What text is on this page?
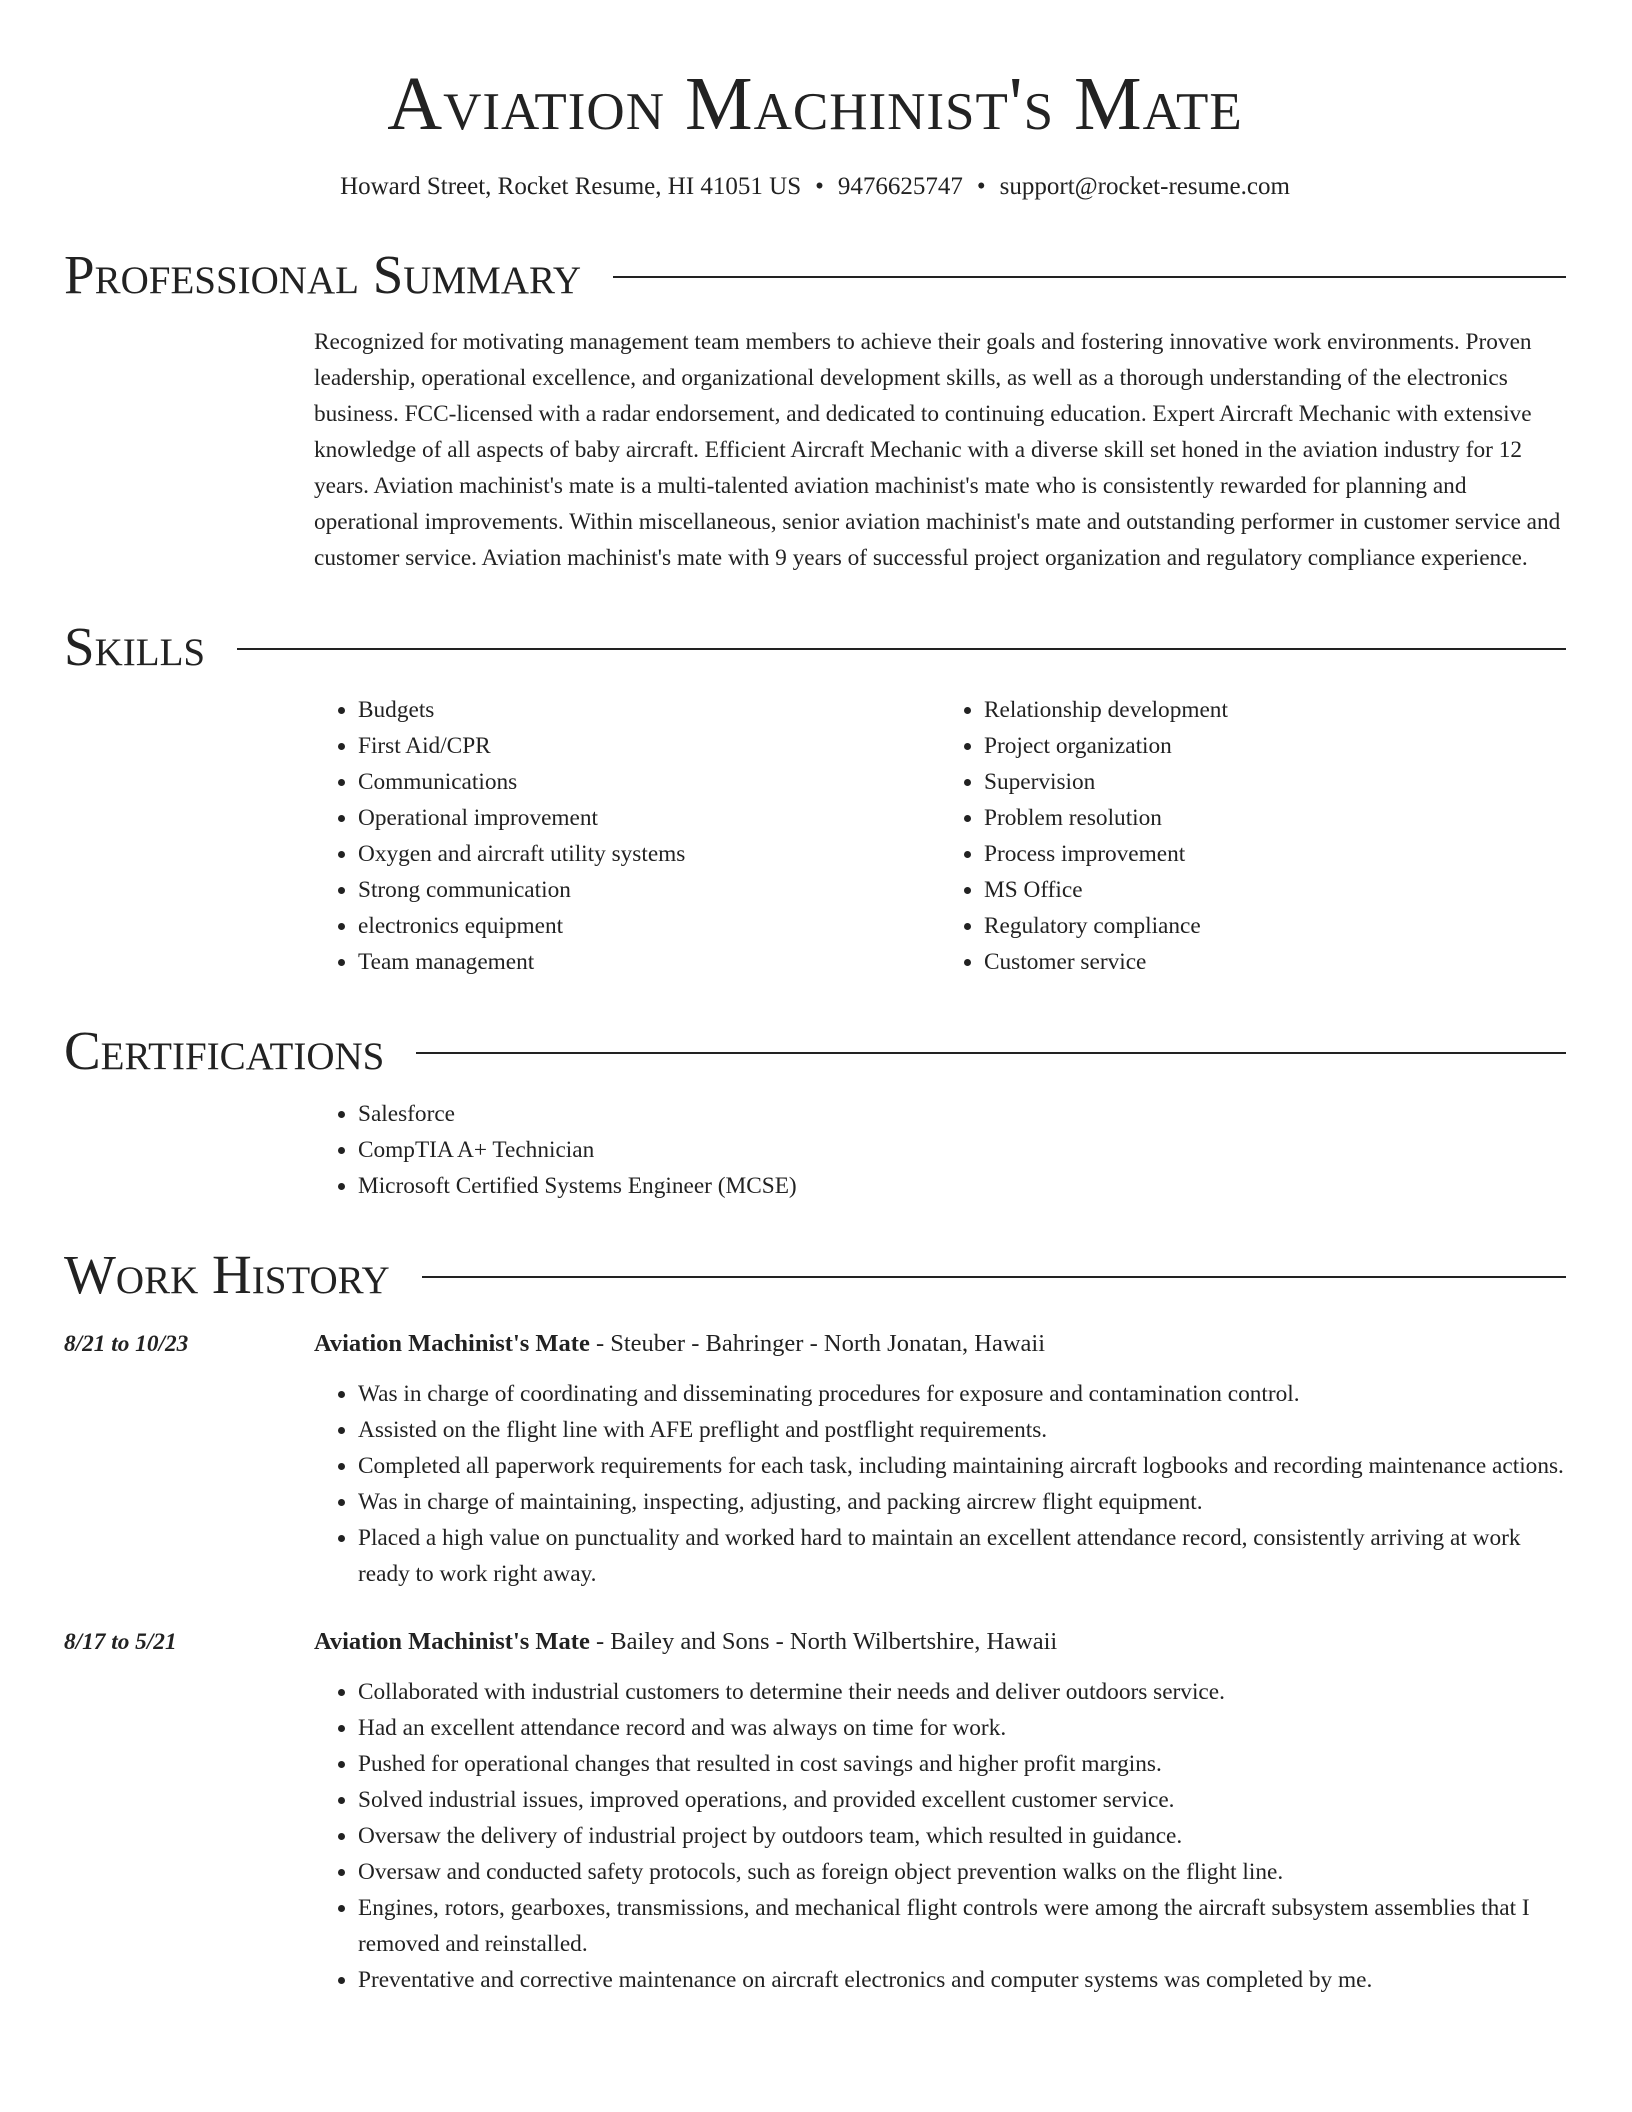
Aviation Machinist's Mate
Howard Street, Rocket Resume, HI 41051 US • 9476625747 • support@rocket-resume.com
Professional Summary
Recognized for motivating management team members to achieve their goals and fostering innovative work environments. Proven leadership, operational excellence, and organizational development skills, as well as a thorough understanding of the electronics business. FCC-licensed with a radar endorsement, and dedicated to continuing education. Expert Aircraft Mechanic with extensive knowledge of all aspects of baby aircraft. Efficient Aircraft Mechanic with a diverse skill set honed in the aviation industry for 12 years. Aviation machinist's mate is a multi-talented aviation machinist's mate who is consistently rewarded for planning and operational improvements. Within miscellaneous, senior aviation machinist's mate and outstanding performer in customer service and customer service. Aviation machinist's mate with 9 years of successful project organization and regulatory compliance experience.
Skills
• Budgets
• First Aid/CPR
• Communications
• Operational improvement
• Oxygen and aircraft utility systems
• Strong communication
• electronics equipment
• Team management
• Relationship development
• Project organization
• Supervision
• Problem resolution
• Process improvement
• MS Office
• Regulatory compliance
• Customer service
Certifications
• Salesforce
• CompTIA A+ Technician
• Microsoft Certified Systems Engineer (MCSE)
Work History
8/21 to 10/23	Aviation Machinist's Mate - Steuber - Bahringer - North Jonatan, Hawaii
• Was in charge of coordinating and disseminating procedures for exposure and contamination control.
• Assisted on the flight line with AFE preflight and postflight requirements.
• Completed all paperwork requirements for each task, including maintaining aircraft logbooks and recording maintenance actions.
• Was in charge of maintaining, inspecting, adjusting, and packing aircrew flight equipment.
• Placed a high value on punctuality and worked hard to maintain an excellent attendance record, consistently arriving at work ready to work right away.
8/17 to 5/21	Aviation Machinist's Mate - Bailey and Sons - North Wilbertshire, Hawaii
• Collaborated with industrial customers to determine their needs and deliver outdoors service.
• Had an excellent attendance record and was always on time for work.
• Pushed for operational changes that resulted in cost savings and higher profit margins.
• Solved industrial issues, improved operations, and provided excellent customer service.
• Oversaw the delivery of industrial project by outdoors team, which resulted in guidance.
• Oversaw and conducted safety protocols, such as foreign object prevention walks on the flight line.
• Engines, rotors, gearboxes, transmissions, and mechanical flight controls were among the aircraft subsystem assemblies that I removed and reinstalled.
• Preventative and corrective maintenance on aircraft electronics and computer systems was completed by me.
